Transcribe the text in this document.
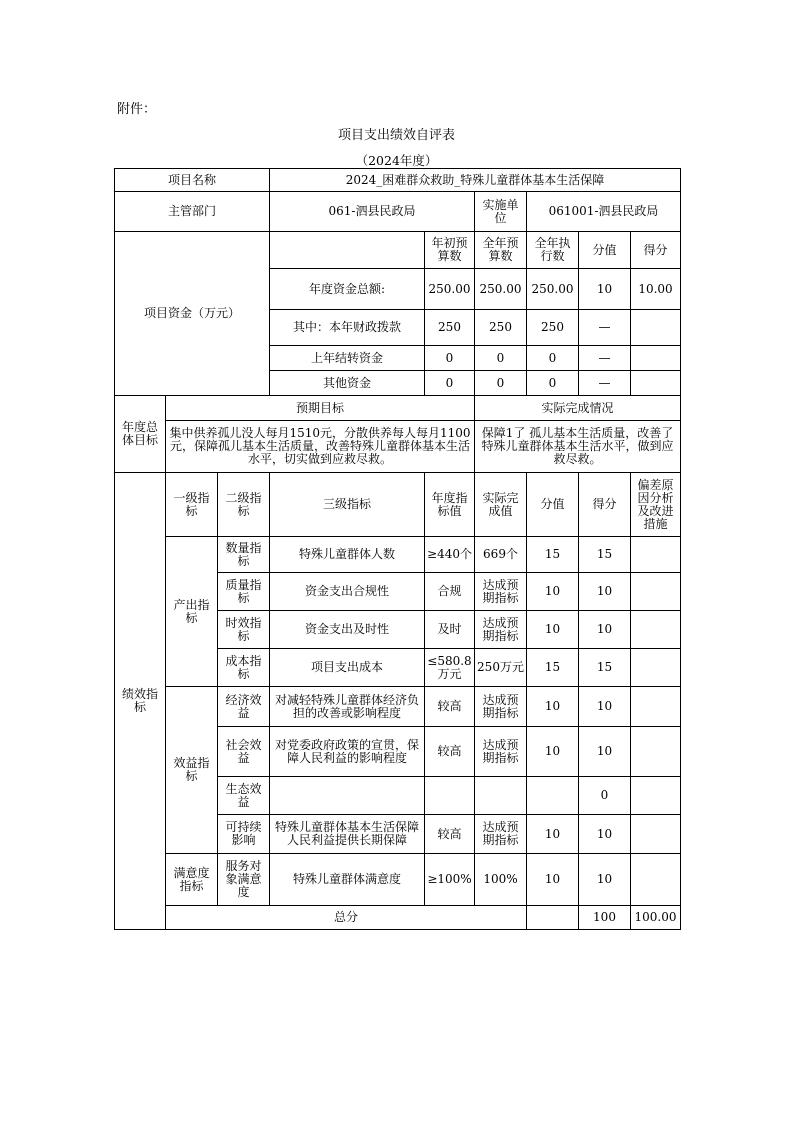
附件：
项目支出绩效自评表
（2024年度）
项目名称			2024_困难群众救助_特殊儿童群体基本生活保障						
主管部门			061-泗县民政局		实施单位	061001-泗县民政局			
项目资金（万元）				年初预算数	全年预算数	全年执行数	分值	得分	
			年度资金总额:	250.00	250.00	250.00	10	10.00	
			其中：本年财政拨款	250	250	250	—		
			上年结转资金	0	0	0	—		
			其他资金	0	0	0	—		
年度总体目标	预期目标				实际完成情况				
	集中供养孤儿没人每月1510元，分散供养每人每月1100元，保障孤儿基本生活质量，改善特殊儿童群体基本生活水平，切实做到应救尽救。				保障1了 孤儿基本生活质量，改善了特殊儿童群体基本生活水平，做到应救尽救。				
绩效指标	一级指标	二级指标	三级指标	年度指标值	实际完成值	分值	得分	偏差原因分析及改进措施	
	产出指标	数量指标	特殊儿童群体人数	≥440个	669个	15	15		
		质量指标	资金支出合规性	合规	达成预期指标	10	10		
		时效指标	资金支出及时性	及时	达成预期指标	10	10		
		成本指标	项目支出成本	≤580.8万元	250万元	15	15		
	效益指标	经济效益	对减轻特殊儿童群体经济负担的改善或影响程度	较高	达成预期指标	10	10		
		社会效益	对党委政府政策的宣贯，保障人民利益的影响程度	较高	达成预期指标	10	10		
		生态效益					0		
		可持续影响	特殊儿童群体基本生活保障人民利益提供长期保障	较高	达成预期指标	10	10		
	满意度指标	服务对象满意度	特殊儿童群体满意度	≥100%	100%	10	10		
	总分						100	100.00	
